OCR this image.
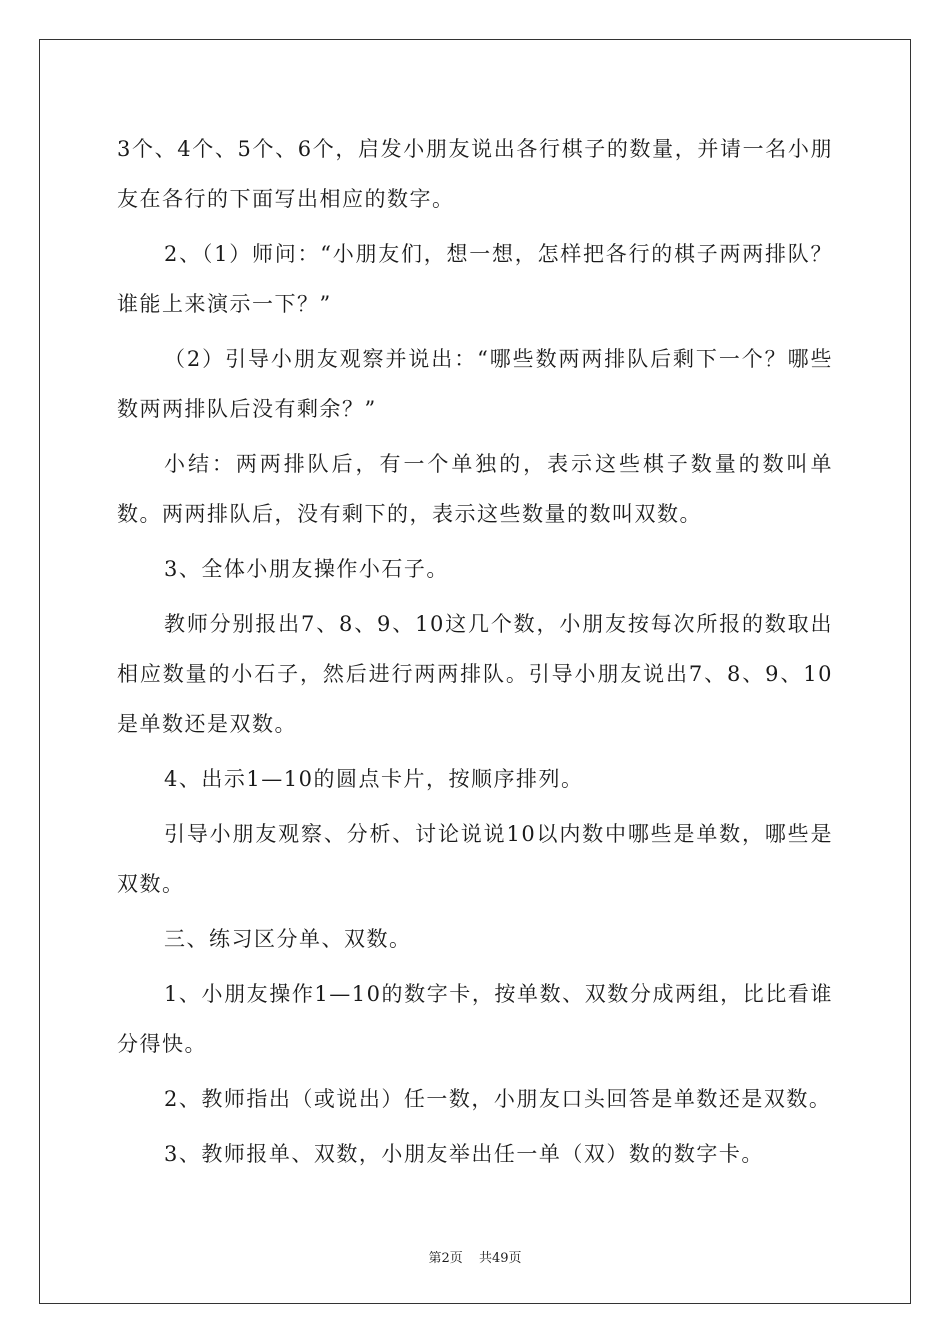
3个、4个、5个、6个，启发小朋友说出各行棋子的数量，并请一名小朋友在各行的下面写出相应的数字。

2、（1）师问：“小朋友们，想一想，怎样把各行的棋子两两排队？谁能上来演示一下？”

（2）引导小朋友观察并说出：“哪些数两两排队后剩下一个？哪些数两两排队后没有剩余？”

小结：两两排队后，有一个单独的，表示这些棋子数量的数叫单数。两两排队后，没有剩下的，表示这些数量的数叫双数。

3、全体小朋友操作小石子。

教师分别报出7、8、9、10这几个数，小朋友按每次所报的数取出相应数量的小石子，然后进行两两排队。引导小朋友说出7、8、9、10是单数还是双数。

4、出示1—10的圆点卡片，按顺序排列。

引导小朋友观察、分析、讨论说说10以内数中哪些是单数，哪些是双数。

三、练习区分单、双数。

1、小朋友操作1—10的数字卡，按单数、双数分成两组，比比看谁分得快。

2、教师指出（或说出）任一数，小朋友口头回答是单数还是双数。

3、教师报单、双数，小朋友举出任一单（双）数的数字卡。

第2页 共49页
